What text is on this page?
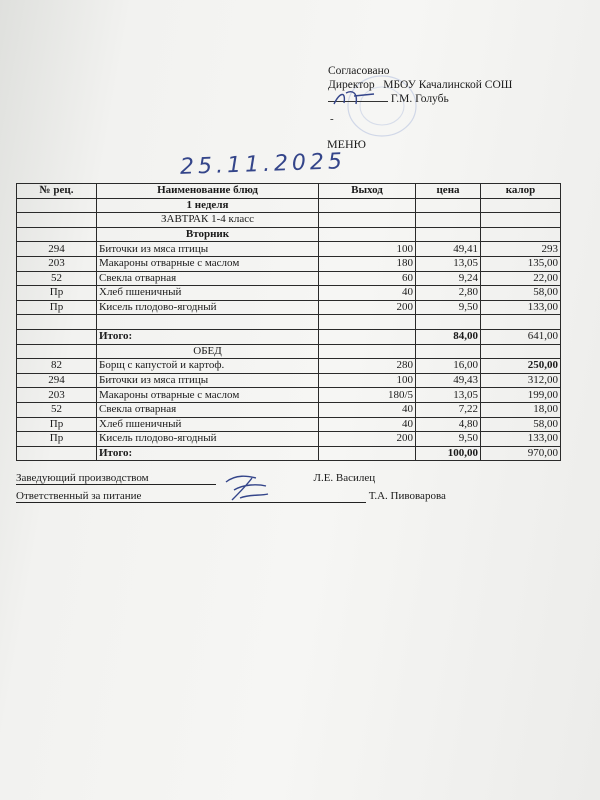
Согласовано
Директор МБОУ Качалинской СОШ
Г.М. Голубь
-
МЕНЮ
25.11.2025
№ рец.	Наименование блюд	Выход	цена	калор
	1 неделя			
	ЗАВТРАК 1-4 класс			
	Вторник			
294	Биточки из мяса птицы	100	49,41	293
203	Макароны отварные с маслом	180	13,05	135,00
52	Свекла отварная	60	9,24	22,00
Пр	Хлеб пшеничный	40	2,80	58,00
Пр	Кисель плодово-ягодный	200	9,50	133,00

	Итого:		84,00	641,00
	ОБЕД			
82	Борщ с капустой и картоф.	280	16,00	250,00
294	Биточки из мяса птицы	100	49,43	312,00
203	Макароны отварные с маслом	180/5	13,05	199,00
52	Свекла отварная	40	7,22	18,00
Пр	Хлеб пшеничный	40	4,80	58,00
Пр	Кисель плодово-ягодный	200	9,50	133,00
	Итого:		100,00	970,00
Заведующий производством	Л.Е. Василец
Ответственный за питание	Т.А. Пивоварова
